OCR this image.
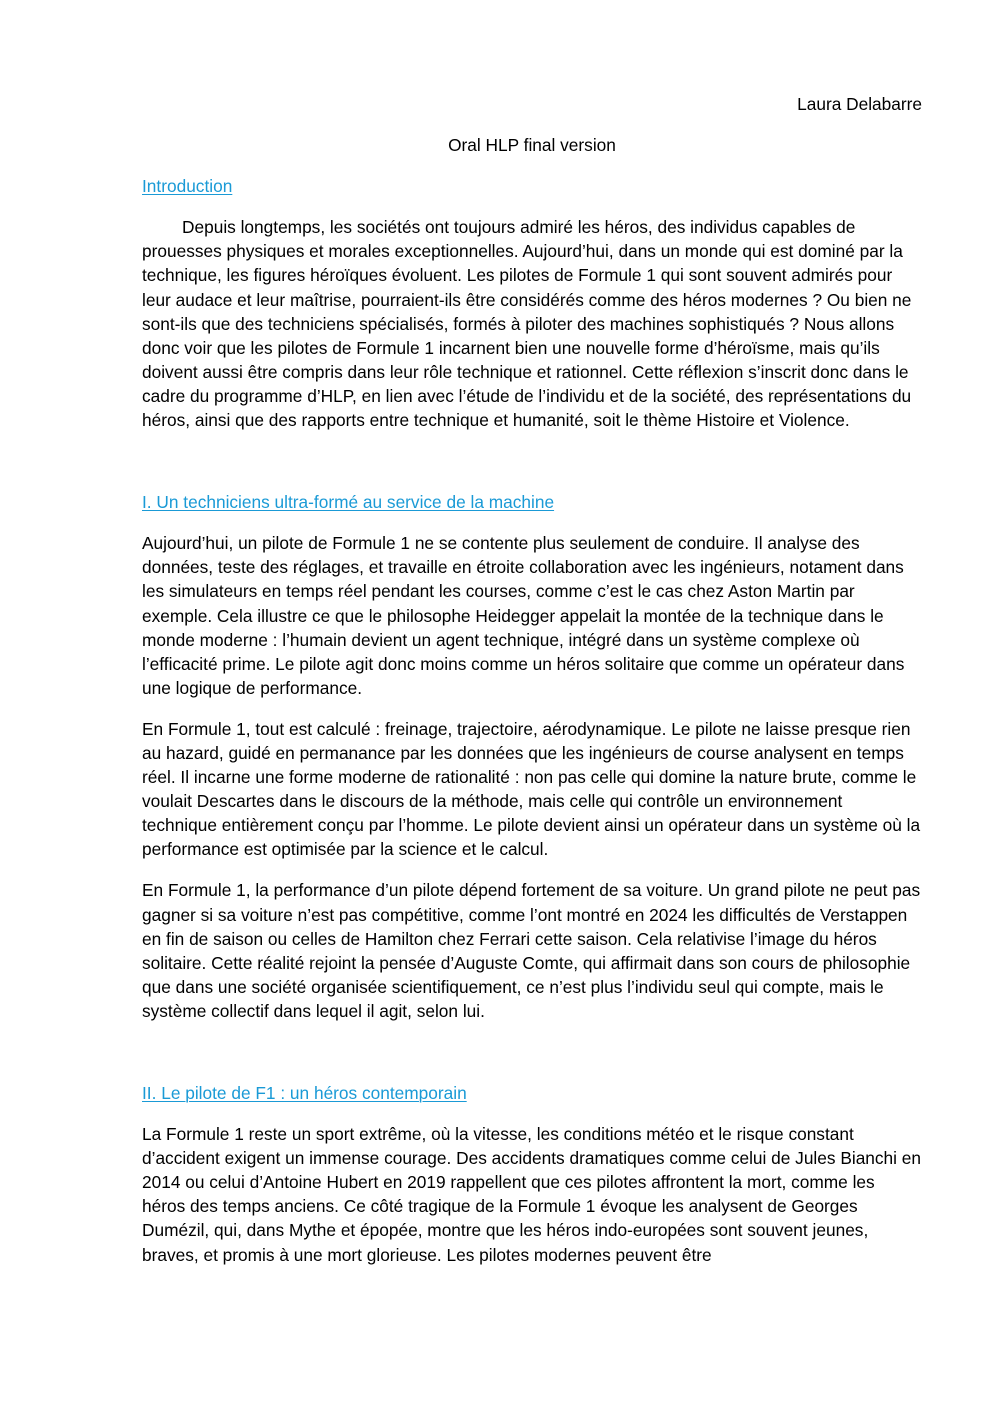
Laura Delabarre

Oral HLP final version

Introduction

Depuis longtemps, les sociétés ont toujours admiré les héros, des individus capables de prouesses physiques et morales exceptionnelles. Aujourd’hui, dans un monde qui est dominé par la technique, les figures héroïques évoluent. Les pilotes de Formule 1 qui sont souvent admirés pour leur audace et leur maîtrise, pourraient-ils être considérés comme des héros modernes ? Ou bien ne sont-ils que des techniciens spécialisés, formés à piloter des machines sophistiqués ? Nous allons donc voir que les pilotes de Formule 1 incarnent bien une nouvelle forme d’héroïsme, mais qu’ils doivent aussi être compris dans leur rôle technique et rationnel. Cette réflexion s’inscrit donc dans le cadre du programme d’HLP, en lien avec l’étude de l’individu et de la société, des représentations du héros, ainsi que des rapports entre technique et humanité, soit le thème Histoire et Violence.

I. Un techniciens ultra-formé au service de la machine

Aujourd’hui, un pilote de Formule 1 ne se contente plus seulement de conduire. Il analyse des données, teste des réglages, et travaille en étroite collaboration avec les ingénieurs, notament dans les simulateurs en temps réel pendant les courses, comme c’est le cas chez Aston Martin par exemple. Cela illustre ce que le philosophe Heidegger appelait la montée de la technique dans le monde moderne : l’humain devient un agent technique, intégré dans un système complexe où l’efficacité prime. Le pilote agit donc moins comme un héros solitaire que comme un opérateur dans une logique de performance.

En Formule 1, tout est calculé : freinage, trajectoire, aérodynamique. Le pilote ne laisse presque rien au hazard, guidé en permanance par les données que les ingénieurs de course analysent en temps réel. Il incarne une forme moderne de rationalité : non pas celle qui domine la nature brute, comme le voulait Descartes dans le discours de la méthode, mais celle qui contrôle un environnement technique entièrement conçu par l’homme. Le pilote devient ainsi un opérateur dans un système où la performance est optimisée par la science et le calcul.

En Formule 1, la performance d’un pilote dépend fortement de sa voiture. Un grand pilote ne peut pas gagner si sa voiture n’est pas compétitive, comme l’ont montré en 2024 les difficultés de Verstappen en fin de saison ou celles de Hamilton chez Ferrari cette saison. Cela relativise l’image du héros solitaire. Cette réalité rejoint la pensée d’Auguste Comte, qui affirmait dans son cours de philosophie que dans une société organisée scientifiquement, ce n’est plus l’individu seul qui compte, mais le système collectif dans lequel il agit, selon lui.

II. Le pilote de F1 : un héros contemporain

La Formule 1 reste un sport extrême, où la vitesse, les conditions météo et le risque constant d’accident exigent un immense courage. Des accidents dramatiques comme celui de Jules Bianchi en 2014 ou celui d’Antoine Hubert en 2019 rappellent que ces pilotes affrontent la mort, comme les héros des temps anciens. Ce côté tragique de la Formule 1 évoque les analysent de Georges Dumézil, qui, dans Mythe et épopée, montre que les héros indo-europées sont souvent jeunes, braves, et promis à une mort glorieuse. Les pilotes modernes peuvent être
